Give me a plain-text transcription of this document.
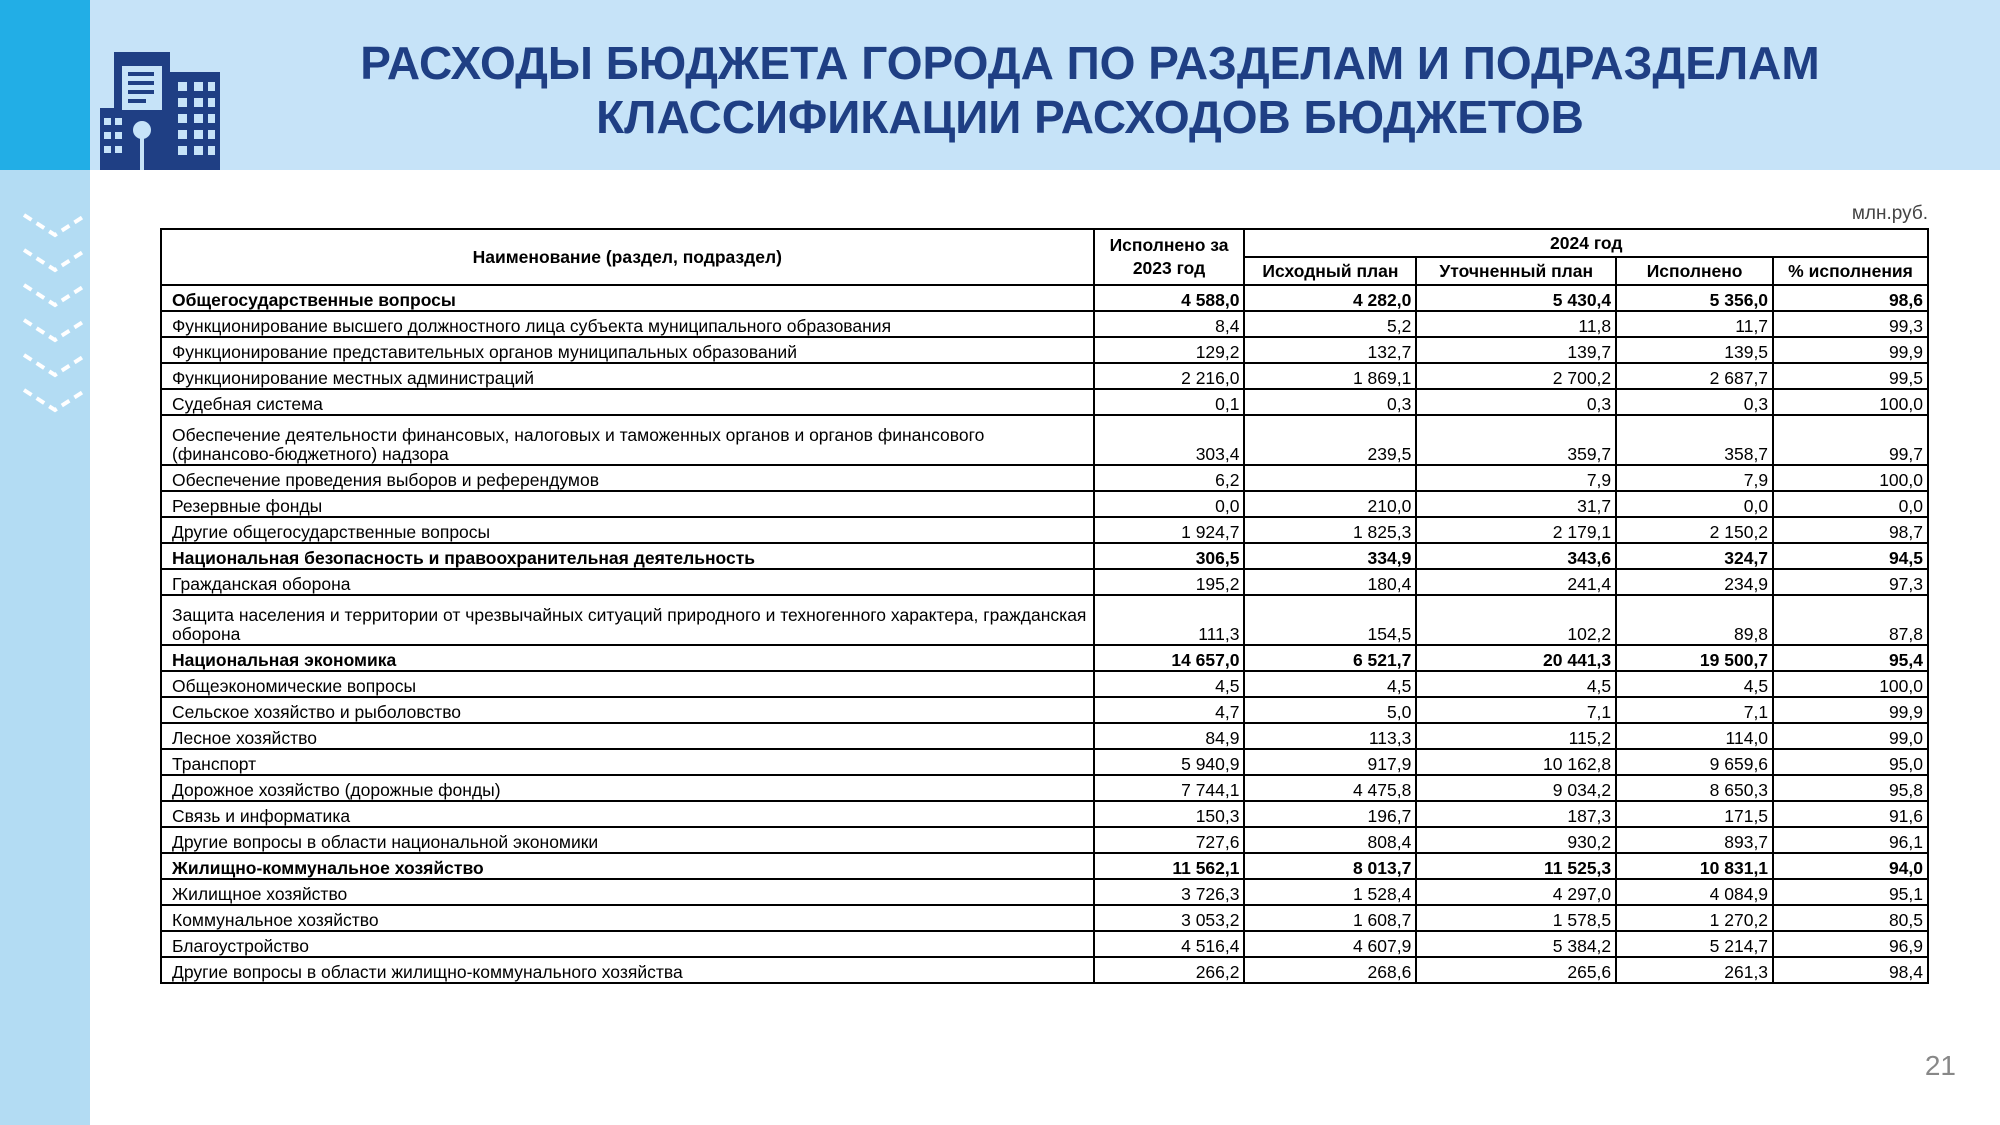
РАСХОДЫ БЮДЖЕТА ГОРОДА ПО РАЗДЕЛАМ И ПОДРАЗДЕЛАМ
КЛАССИФИКАЦИИ РАСХОДОВ БЮДЖЕТОВ
млн.руб.
Наименование (раздел, подраздел)	Исполнено за 2023 год	2024 год			
		Исходный план	Уточненный план	Исполнено	% исполнения
Общегосударственные вопросы	4 588,0	4 282,0	5 430,4	5 356,0	98,6
Функционирование высшего должностного лица субъекта муниципального образования	8,4	5,2	11,8	11,7	99,3
Функционирование представительных органов муниципальных образований	129,2	132,7	139,7	139,5	99,9
Функционирование местных администраций	2 216,0	1 869,1	2 700,2	2 687,7	99,5
Судебная система	0,1	0,3	0,3	0,3	100,0
Обеспечение деятельности финансовых, налоговых и таможенных органов и органов финансового (финансово-бюджетного) надзора	303,4	239,5	359,7	358,7	99,7
Обеспечение проведения выборов и референдумов	6,2		7,9	7,9	100,0
Резервные фонды	0,0	210,0	31,7	0,0	0,0
Другие общегосударственные вопросы	1 924,7	1 825,3	2 179,1	2 150,2	98,7
Национальная безопасность и правоохранительная деятельность	306,5	334,9	343,6	324,7	94,5
Гражданская оборона	195,2	180,4	241,4	234,9	97,3
Защита населения и территории от чрезвычайных ситуаций природного и техногенного характера, гражданская оборона	111,3	154,5	102,2	89,8	87,8
Национальная экономика	14 657,0	6 521,7	20 441,3	19 500,7	95,4
Общеэкономические вопросы	4,5	4,5	4,5	4,5	100,0
Сельское хозяйство и рыболовство	4,7	5,0	7,1	7,1	99,9
Лесное хозяйство	84,9	113,3	115,2	114,0	99,0
Транспорт	5 940,9	917,9	10 162,8	9 659,6	95,0
Дорожное хозяйство (дорожные фонды)	7 744,1	4 475,8	9 034,2	8 650,3	95,8
Связь и информатика	150,3	196,7	187,3	171,5	91,6
Другие вопросы в области национальной экономики	727,6	808,4	930,2	893,7	96,1
Жилищно-коммунальное хозяйство	11 562,1	8 013,7	11 525,3	10 831,1	94,0
Жилищное хозяйство	3 726,3	1 528,4	4 297,0	4 084,9	95,1
Коммунальное хозяйство	3 053,2	1 608,7	1 578,5	1 270,2	80,5
Благоустройство	4 516,4	4 607,9	5 384,2	5 214,7	96,9
Другие вопросы в области жилищно-коммунального хозяйства	266,2	268,6	265,6	261,3	98,4
21
